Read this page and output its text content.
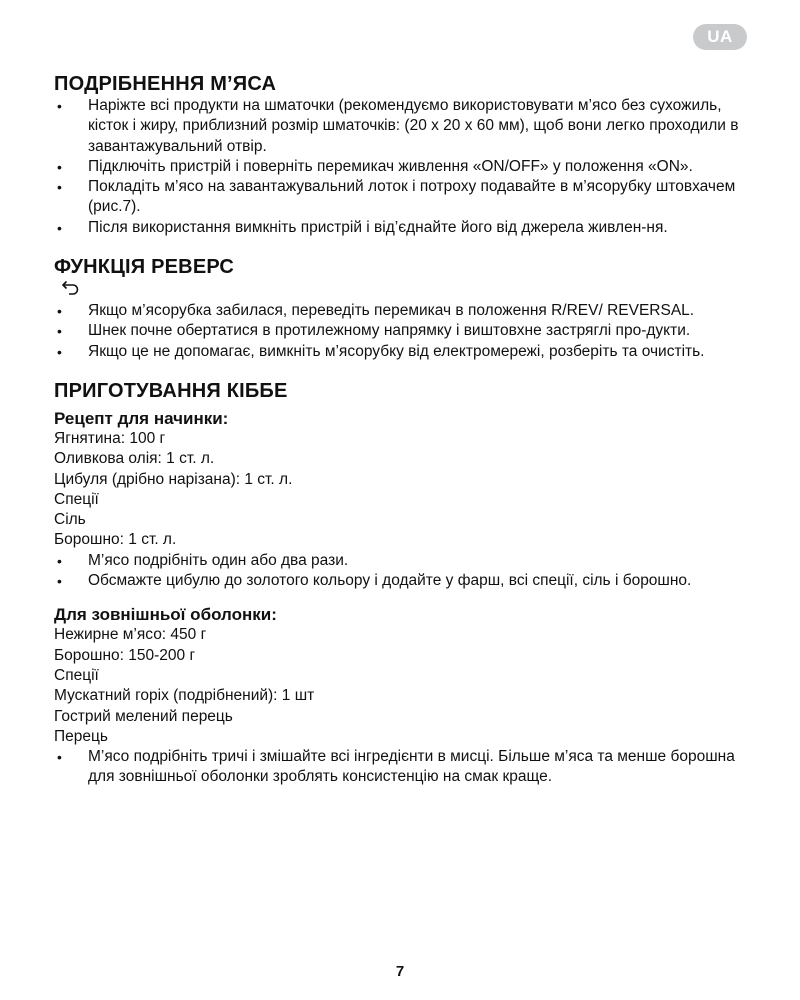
UA
ПОДРІБНЕННЯ М’ЯСА
• Наріжте всі продукти на шматочки (рекомендуємо використовувати м’ясо без сухожиль, кісток і жиру, приблизний розмір шматочків: (20 х 20 х 60 мм), щоб вони легко проходили в завантажувальний отвір.
• Підключіть пристрій і поверніть перемикач живлення «ON/OFF» у положення «ON».
• Покладіть м’ясо на завантажувальний лоток і потроху подавайте в м’ясорубку штовхачем (рис.7).
• Після використання вимкніть пристрій і від’єднайте його від джерела живлен-ня.
ФУНКЦІЯ РЕВЕРС
• Якщо м’ясорубка забилася, переведіть перемикач в положення R/REV/ REVERSAL.
• Шнек почне обертатися в протилежному напрямку і виштовхне застряглі про-дукти.
• Якщо це не допомагає, вимкніть м’ясорубку від електромережі, розберіть та очистіть.
ПРИГОТУВАННЯ КІББЕ
Рецепт для начинки:
Ягнятина: 100 г
Оливкова олія: 1 ст. л.
Цибуля (дрібно нарізана): 1 ст. л.
Спеції
Сіль
Борошно: 1 ст. л.
• М’ясо подрібніть один або два рази.
• Обсмажте цибулю до золотого кольору і додайте у фарш, всі спеції, сіль і борошно.
Для зовнішньої оболонки:
Нежирне м’ясо: 450 г
Борошно: 150-200 г
Спеції
Мускатний горіх (подрібнений): 1 шт
Гострий мелений перець
Перець
• М’ясо подрібніть тричі і змішайте всі інгредієнти в мисці. Більше м’яса та менше борошна для зовнішньої оболонки зроблять консистенцію на смак краще.
7
